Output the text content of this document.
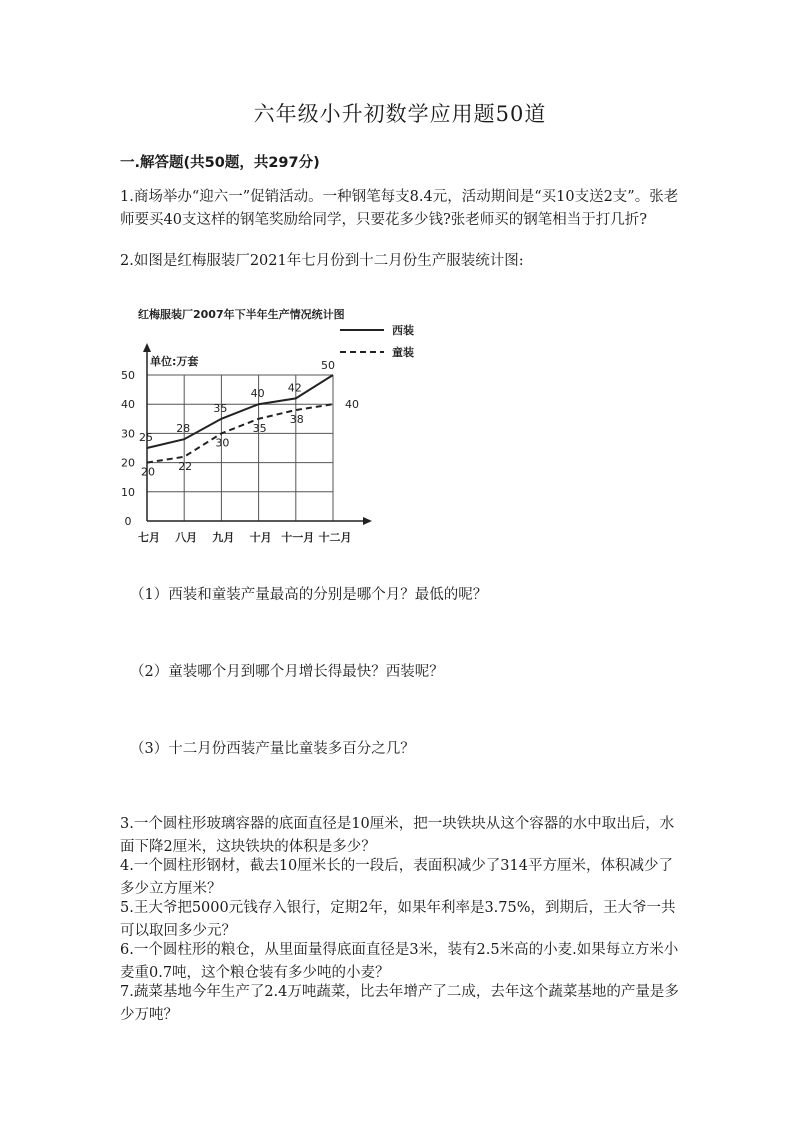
六年级小升初数学应用题50道
一.解答题(共50题，共297分)

1.商场举办“迎六一”促销活动。一种钢笔每支8.4元，活动期间是“买10支送2支”。张老师要买40支这样的钢笔奖励给同学，只要花多少钱?张老师买的钢笔相当于打几折?

2.如图是红梅服装厂2021年七月份到十二月份生产服装统计图:

红梅服装厂2007年下半年生产情况统计图
单位:万套
0
10
20
30
40
50
七月 八月 九月 十月 十一月 十二月
25
28
35
40 42
50
20 22
30
35
38
40
西装
童装
（1）西装和童装产量最高的分别是哪个月？最低的呢？
（2）童装哪个月到哪个月增长得最快？西装呢？
（3）十二月份西装产量比童装多百分之几？

3.一个圆柱形玻璃容器的底面直径是10厘米，把一块铁块从这个容器的水中取出后，水面下降2厘米，这块铁块的体积是多少？

4.一个圆柱形钢材，截去10厘米长的一段后，表面积减少了314平方厘米，体积减少了多少立方厘米？

5.王大爷把5000元钱存入银行，定期2年，如果年利率是3.75%，到期后，王大爷一共可以取回多少元？

6.一个圆柱形的粮仓，从里面量得底面直径是3米，装有2.5米高的小麦.如果每立方米小麦重0.7吨，这个粮仓装有多少吨的小麦？

7.蔬菜基地今年生产了2.4万吨蔬菜，比去年增产了二成，去年这个蔬菜基地的产量是多少万吨？
